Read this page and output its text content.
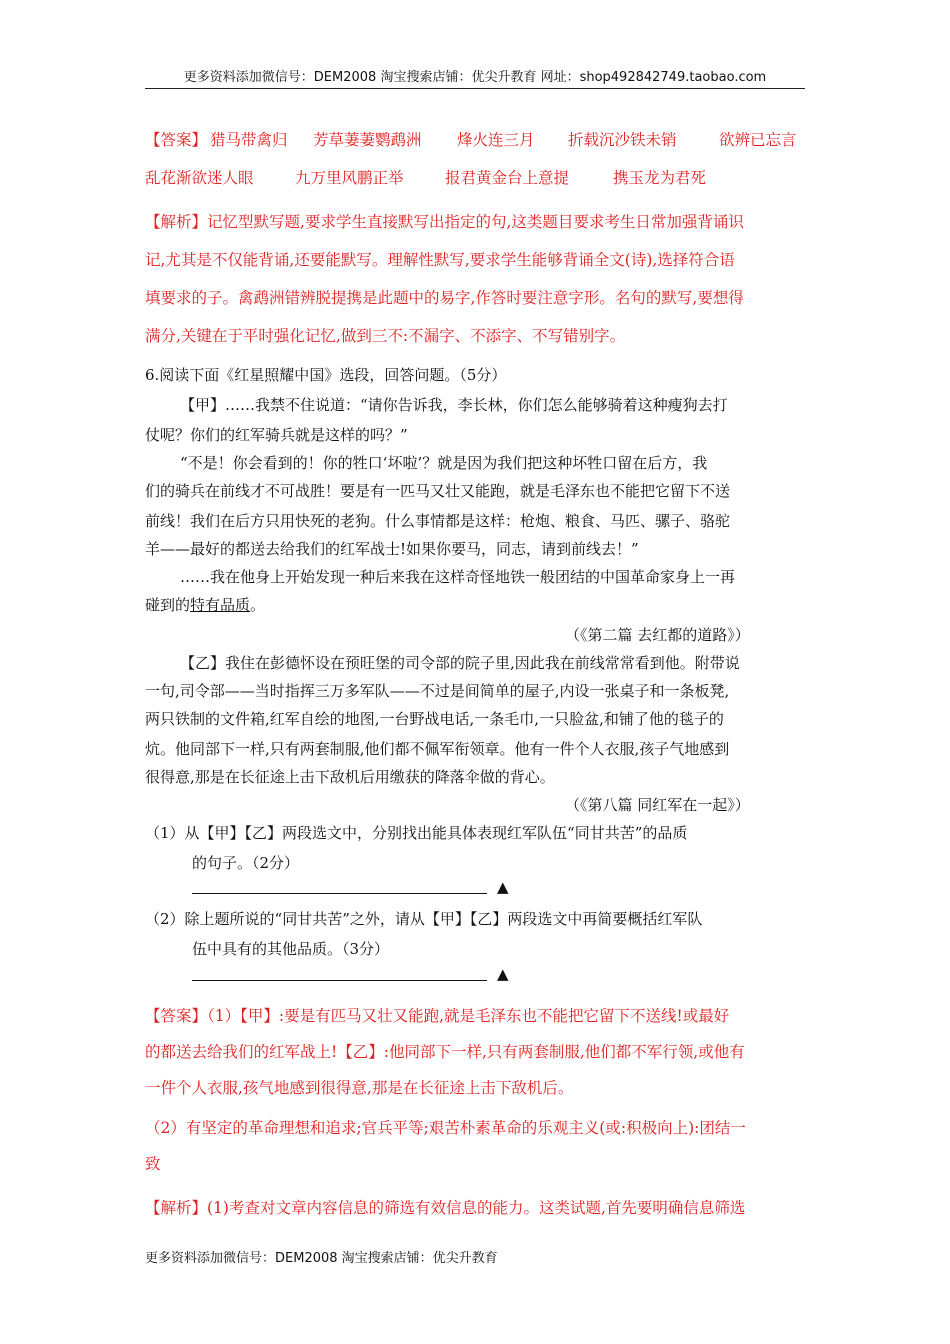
更多资料添加微信号：DEM2008 淘宝搜索店铺：优尖升教育 网址：shop492842749.taobao.com
【答案】 猎马带禽归 芳草萋萋鹦鹉洲 烽火连三月 折载沉沙铁未销	欲辨已忘言
乱花渐欲迷人眼	九万里风鹏正举	报君黄金台上意提	携玉龙为君死
【解析】记忆型默写题,要求学生直接默写出指定的句,这类题目要求考生日常加强背诵识
记,尤其是不仅能背诵,还要能默写。理解性默写,要求学生能够背诵全文(诗),选择符合语
填要求的子。禽鹉洲错辨脱提携是此题中的易字,作答时要注意字形。名句的默写,要想得
满分,关键在于平时强化记忆,做到三不:不漏字、不添字、不写错别字。
6.阅读下面《红星照耀中国》选段，回答问题。（5分）
【甲】……我禁不住说道：“请你告诉我，李长林，你们怎么能够骑着这种瘦狗去打
仗呢？你们的红军骑兵就是这样的吗？”
“不是！你会看到的！你的牲口‘坏啦’？就是因为我们把这种坏牲口留在后方，我
们的骑兵在前线才不可战胜！要是有一匹马又壮又能跑，就是毛泽东也不能把它留下不送
前线！我们在后方只用快死的老狗。什么事情都是这样：枪炮、粮食、马匹、骡子、骆驼
羊——最好的都送去给我们的红军战士!如果你要马，同志，请到前线去！”
……我在他身上开始发现一种后来我在这样奇怪地铁一般团结的中国革命家身上一再
碰到的特有品质。
（《第二篇 去红都的道路》）
【乙】我住在彭德怀设在预旺堡的司令部的院子里,因此我在前线常常看到他。附带说
一句,司令部——当时指挥三万多军队——不过是间简单的屋子,内设一张桌子和一条板凳,
两只铁制的文件箱,红军自绘的地图,一台野战电话,一条毛巾,一只脸盆,和铺了他的毯子的
炕。他同部下一样,只有两套制服,他们都不佩军衔领章。他有一件个人衣服,孩子气地感到
很得意,那是在长征途上击下敌机后用缴获的降落伞做的背心。
（《第八篇 同红军在一起》）
（1）从【甲】【乙】两段选文中，分别找出能具体表现红军队伍“同甘共苦”的品质
的句子。（2分）
▲
（2）除上题所说的“同甘共苦”之外，请从【甲】【乙】两段选文中再简要概括红军队
伍中具有的其他品质。（3分）
▲
【答案】（1）【甲】:要是有匹马又壮又能跑,就是毛泽东也不能把它留下不送线!或最好
的都送去给我们的红军战上!【乙】:他同部下一样,只有两套制服,他们都不军行领,或他有
一件个人衣服,孩气地感到很得意,那是在长征途上击下敌机后。
（2）有坚定的革命理想和追求;官兵平等;艰苦朴素革命的乐观主义(或:积极向上):团结一
致
【解析】(1)考查对文章内容信息的筛选有效信息的能力。这类试题,首先要明确信息筛选
更多资料添加微信号：DEM2008 淘宝搜索店铺：优尖升教育
